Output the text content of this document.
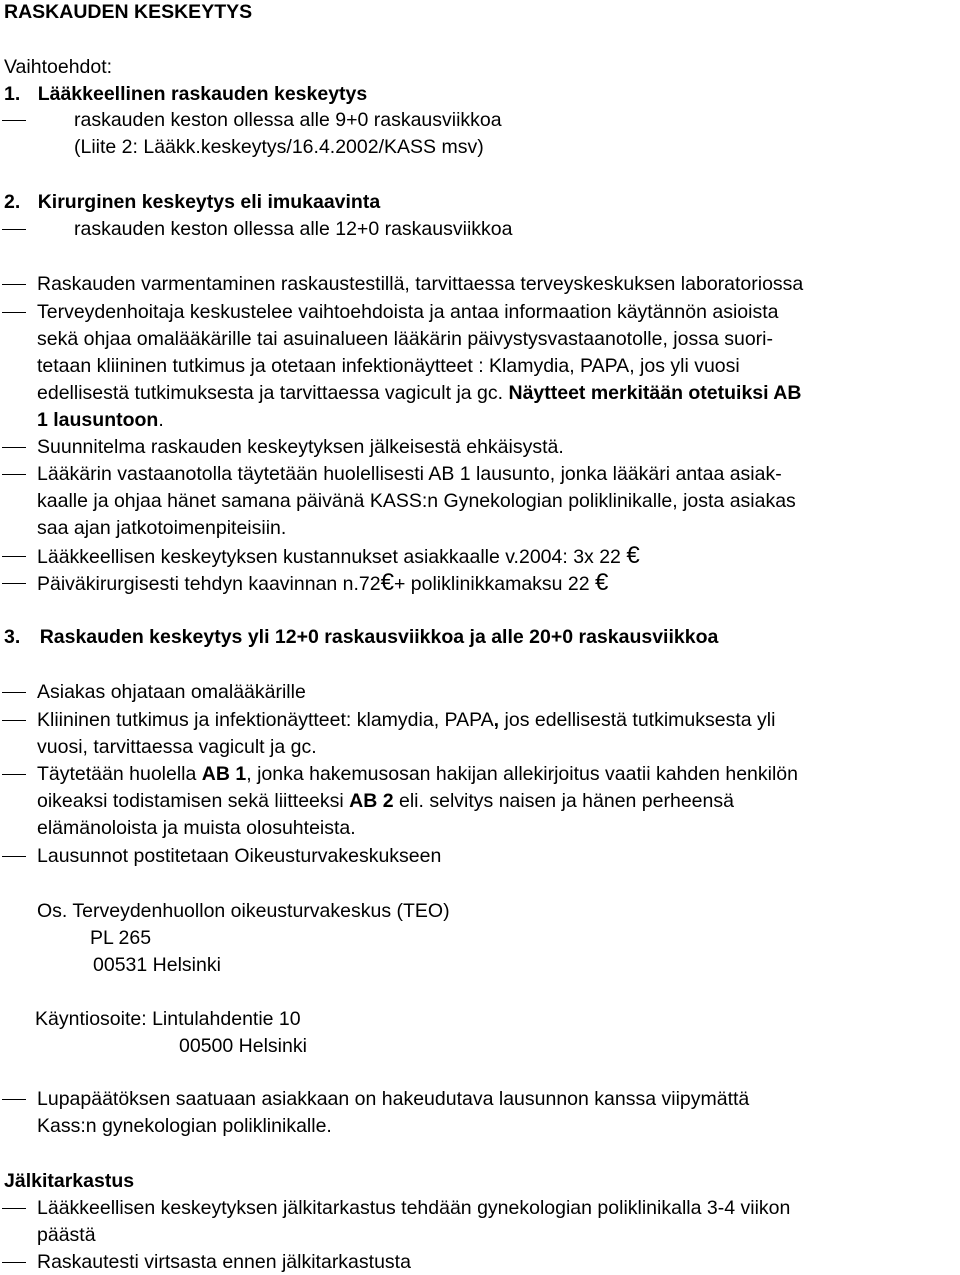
RASKAUDEN KESKEYTYS
Vaihtoehdot:
1. Lääkkeellinen raskauden keskeytys
raskauden keston ollessa alle 9+0 raskausviikkoa
(Liite 2: Lääkk.keskeytys/16.4.2002/KASS msv)
2. Kirurginen keskeytys eli imukaavinta
raskauden keston ollessa alle 12+0 raskausviikkoa
Raskauden varmentaminen raskaustestillä, tarvittaessa terveyskeskuksen laboratoriossa
Terveydenhoitaja keskustelee vaihtoehdoista ja antaa informaation käytännön asioista
sekä ohjaa omalääkärille tai asuinalueen lääkärin päivystysvastaanotolle, jossa suori-
tetaan kliininen tutkimus ja otetaan infektionäytteet : Klamydia, PAPA, jos yli vuosi
edellisestä tutkimuksesta ja tarvittaessa vagicult ja gc. Näytteet merkitään otetuiksi AB
1 lausuntoon.
Suunnitelma raskauden keskeytyksen jälkeisestä ehkäisystä.
Lääkärin vastaanotolla täytetään huolellisesti AB 1 lausunto, jonka lääkäri antaa asiak-
kaalle ja ohjaa hänet samana päivänä KASS:n Gynekologian poliklinikalle, josta asiakas
saa ajan jatkotoimenpiteisiin.
Lääkkeellisen keskeytyksen kustannukset asiakkaalle v.2004: 3x 22 €
Päiväkirurgisesti tehdyn kaavinnan n.72€+ poliklinikkamaksu 22 €
3. Raskauden keskeytys yli 12+0 raskausviikkoa ja alle 20+0 raskausviikkoa
Asiakas ohjataan omalääkärille
Kliininen tutkimus ja infektionäytteet: klamydia, PAPA, jos edellisestä tutkimuksesta yli
vuosi, tarvittaessa vagicult ja gc.
Täytetään huolella AB 1, jonka hakemusosan hakijan allekirjoitus vaatii kahden henkilön
oikeaksi todistamisen sekä liitteeksi AB 2 eli. selvitys naisen ja hänen perheensä
elämänoloista ja muista olosuhteista.
Lausunnot postitetaan Oikeusturvakeskukseen
Os. Terveydenhuollon oikeusturvakeskus (TEO)
PL 265
00531 Helsinki
Käyntiosoite: Lintulahdentie 10
00500 Helsinki
Lupapäätöksen saatuaan asiakkaan on hakeudutava lausunnon kanssa viipymättä
Kass:n gynekologian poliklinikalle.
Jälkitarkastus
Lääkkeellisen keskeytyksen jälkitarkastus tehdään gynekologian poliklinikalla 3-4 viikon
päästä
Raskautesti virtsasta ennen jälkitarkastusta
